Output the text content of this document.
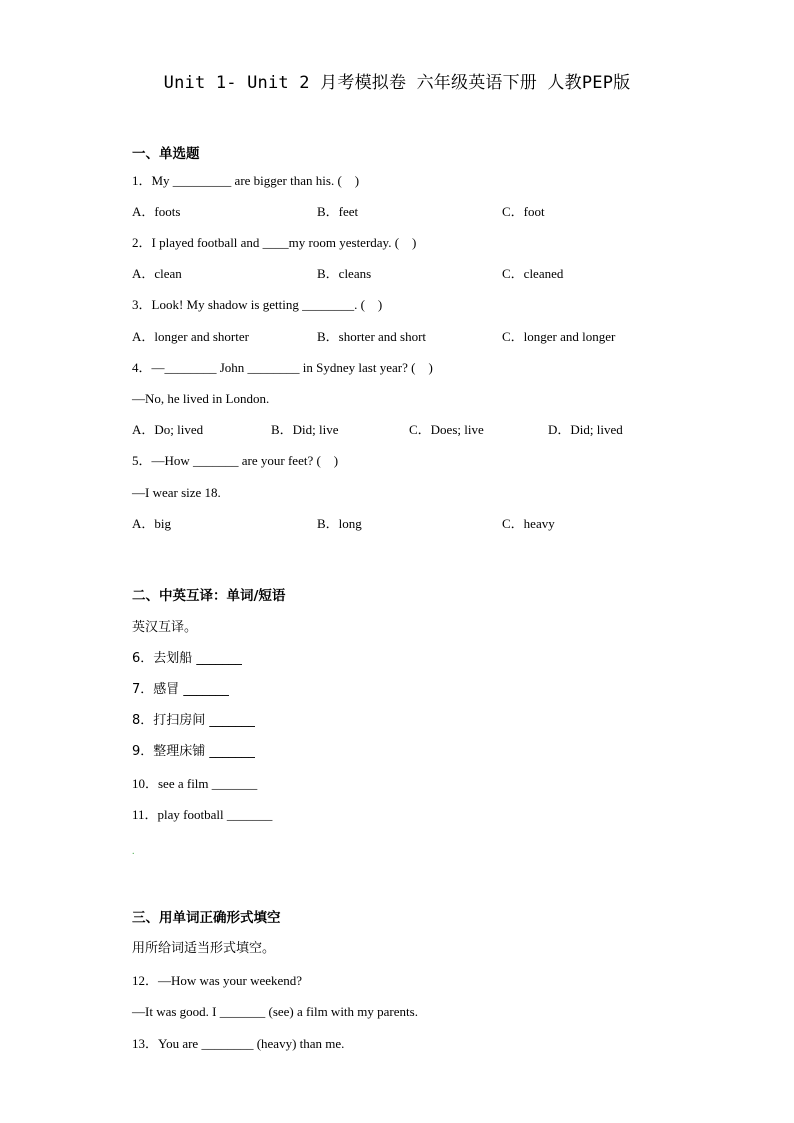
Unit 1- Unit 2 月考模拟卷 六年级英语下册 人教PEP版
一、单选题
1．My _________ are bigger than his. (　)
A．foots	B．feet	C．foot
2．I played football and ____my room yesterday. (　)
A．clean	B．cleans	C．cleaned
3．Look! My shadow is getting ________. (　)
A．longer and shorter	B．shorter and short	C．longer and longer
4．—________ John ________ in Sydney last year? (　)
—No, he lived in London.
A．Do; lived	B．Did; live	C．Does; live	D．Did; lived
5．—How _______ are your feet? (　)
—I wear size 18.
A．big	B．long	C．heavy
二、中英互译：单词/短语
英汉互译。
6．去划船 _______
7．感冒 _______
8．打扫房间 _______
9．整理床铺 _______
10．see a film _______
11．play football _______
.
三、用单词正确形式填空
用所给词适当形式填空。
12．—How was your weekend?
—It was good. I _______ (see) a film with my parents.
13．You are ________ (heavy) than me.
